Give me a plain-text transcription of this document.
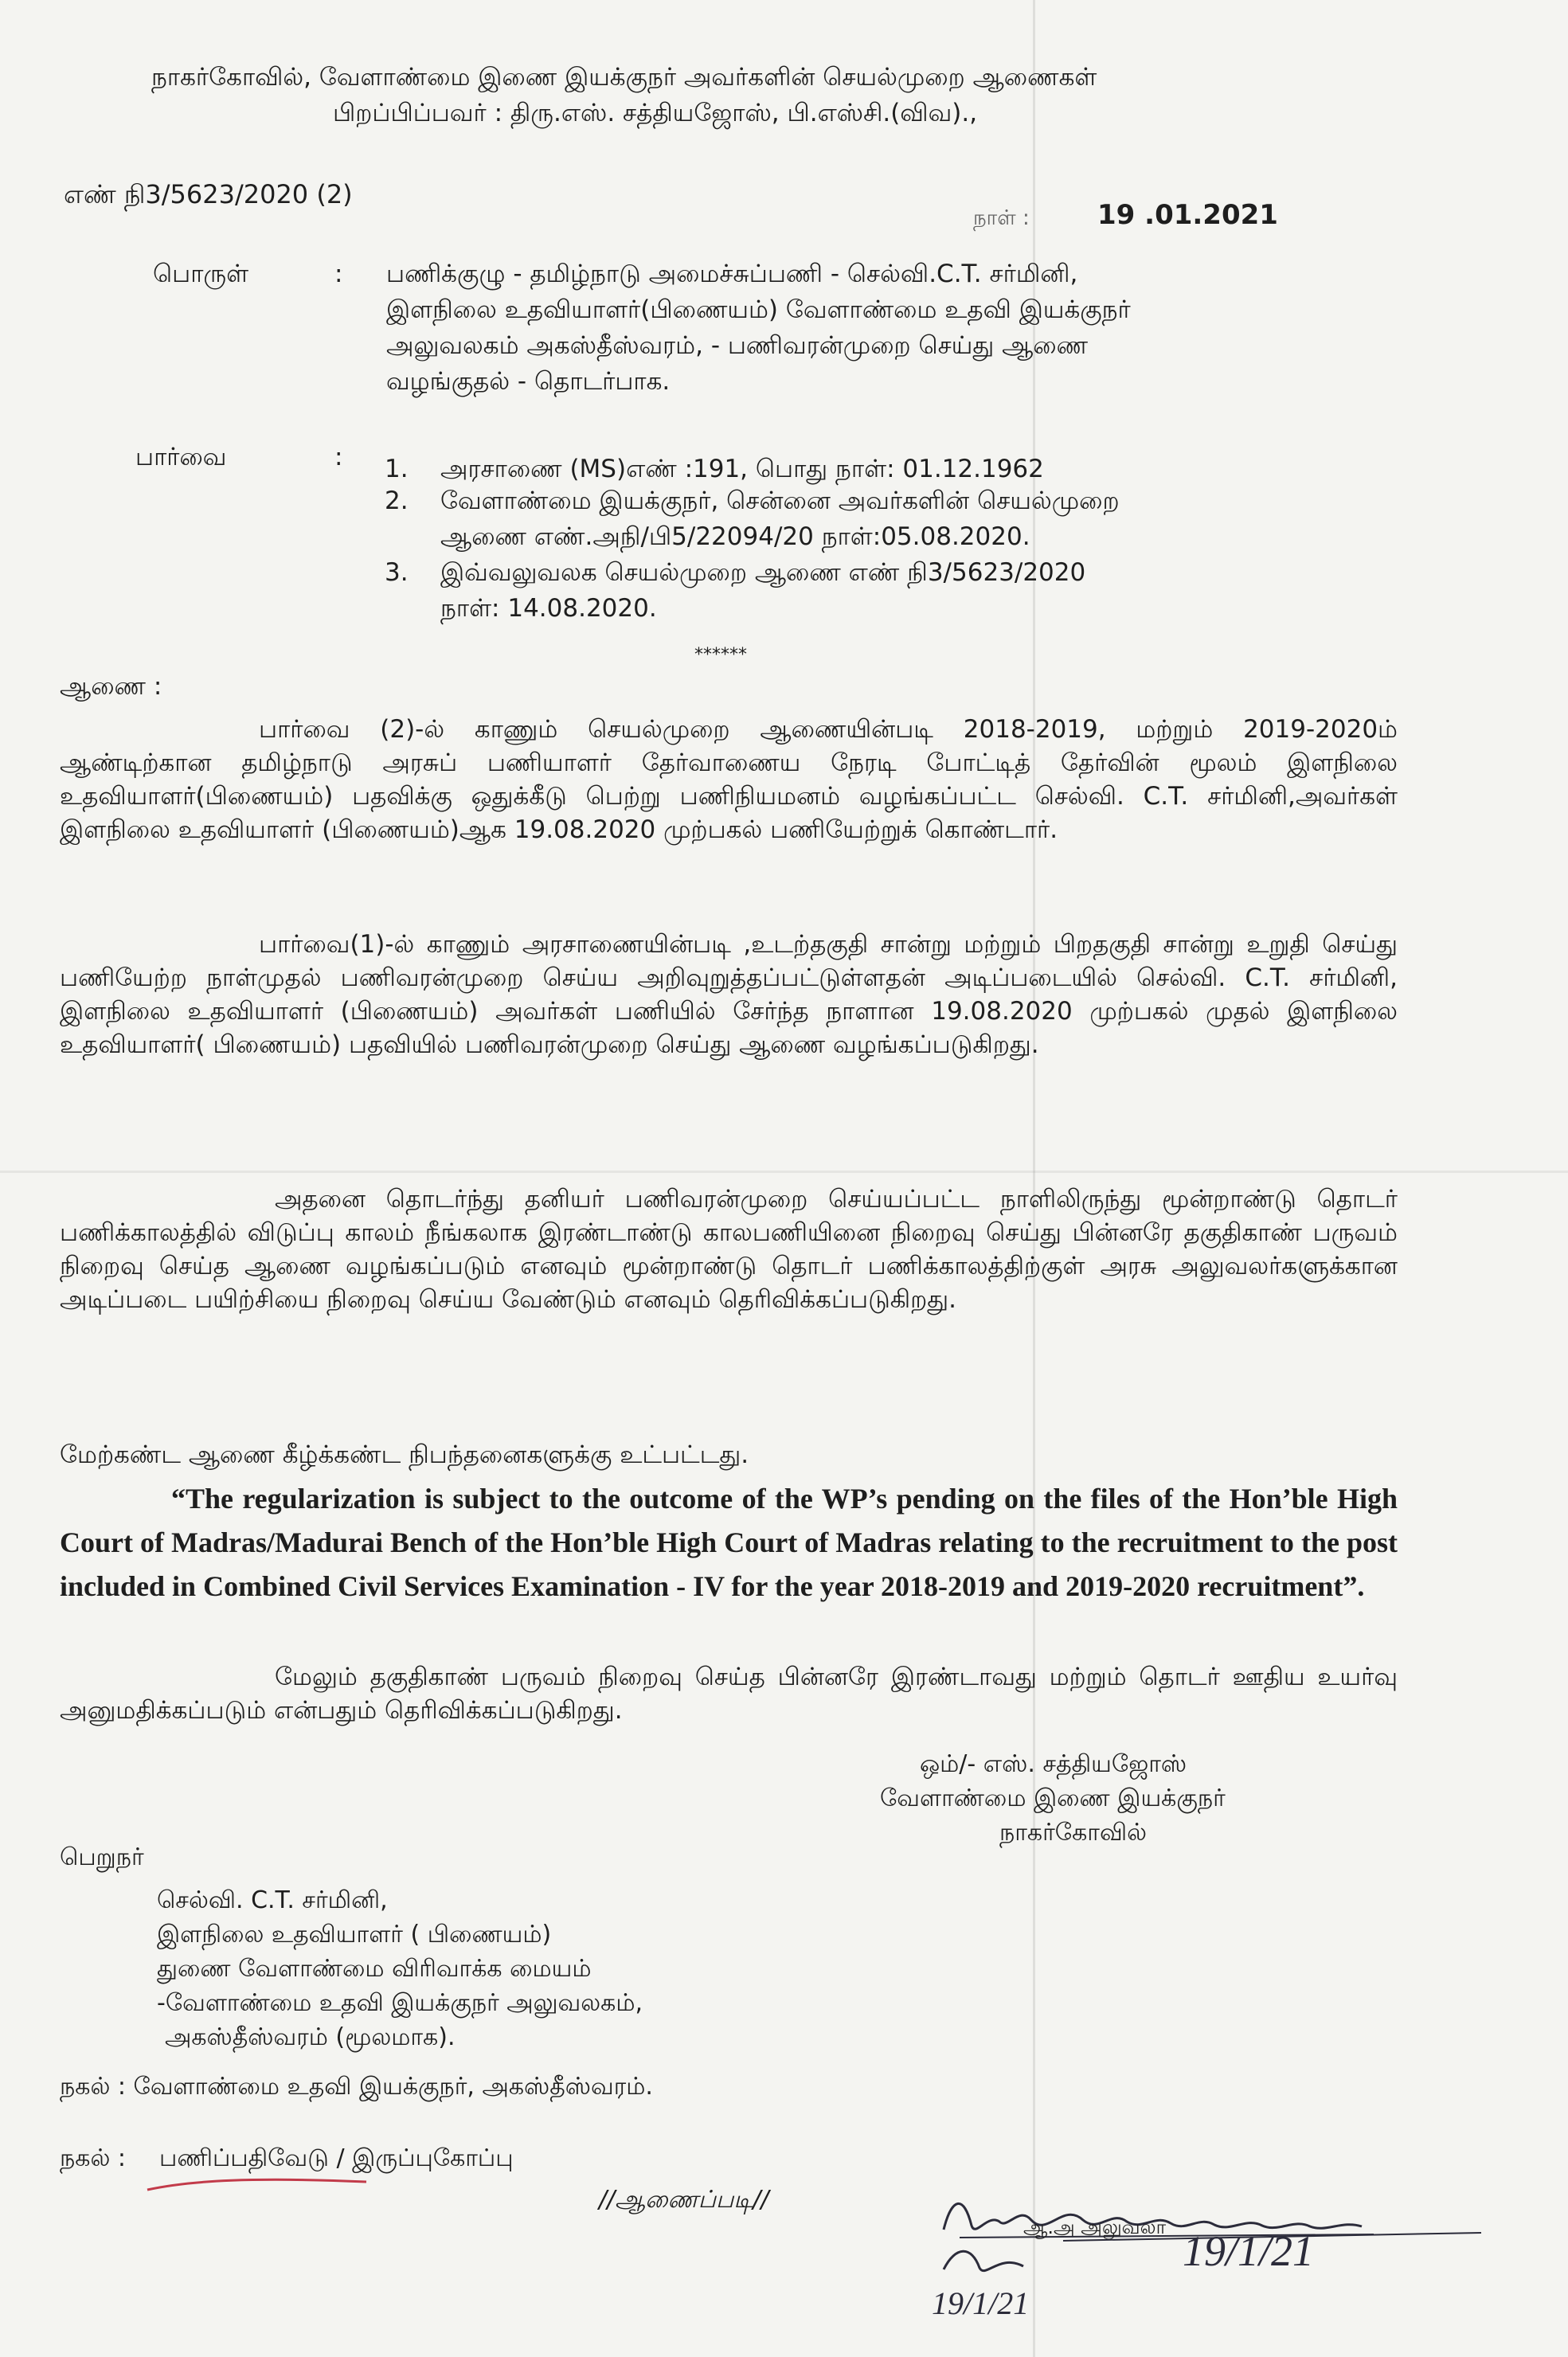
நாகர்கோவில், வேளாண்மை இணை இயக்குநர் அவர்களின் செயல்முறை ஆணைகள்
பிறப்பிப்பவர் : திரு.எஸ். சத்தியஜோஸ், பி.எஸ்சி.(விவ).,
எண் நி3/5623/2020 (2)
நாள் :	19 .01.2021
பொருள்	: பணிக்குழு - தமிழ்நாடு அமைச்சுப்பணி - செல்வி.C.T. சர்மினி,
இளநிலை உதவியாளர்(பிணையம்) வேளாண்மை உதவி இயக்குநர்
அலுவலகம் அகஸ்தீஸ்வரம், - பணிவரன்முறை செய்து ஆணை
வழங்குதல் - தொடர்பாக.
பார்வை	: 1. அரசாணை (MS)எண் :191, பொது நாள்: 01.12.1962
2. வேளாண்மை இயக்குநர், சென்னை அவர்களின் செயல்முறை
ஆணை எண்.அநி/பி5/22094/20 நாள்:05.08.2020.
3. இவ்வலுவலக செயல்முறை ஆணை எண் நி3/5623/2020
நாள்: 14.08.2020.
******
ஆணை :
பார்வை (2)-ல் காணும் செயல்முறை ஆணையின்படி 2018-2019, மற்றும் 2019-2020ம் ஆண்டிற்கான தமிழ்நாடு அரசுப் பணியாளர் தேர்வாணைய நேரடி போட்டித் தேர்வின் மூலம் இளநிலை உதவியாளர்(பிணையம்) பதவிக்கு ஒதுக்கீடு பெற்று பணிநியமனம் வழங்கப்பட்ட செல்வி. C.T. சர்மினி,அவர்கள் இளநிலை உதவியாளர் (பிணையம்)ஆக 19.08.2020 முற்பகல் பணியேற்றுக் கொண்டார்.
பார்வை(1)-ல் காணும் அரசாணையின்படி ,உடற்தகுதி சான்று மற்றும் பிறதகுதி சான்று உறுதி செய்து பணியேற்ற நாள்முதல் பணிவரன்முறை செய்ய அறிவுறுத்தப்பட்டுள்ளதன் அடிப்படையில் செல்வி. C.T. சர்மினி, இளநிலை உதவியாளர் (பிணையம்) அவர்கள் பணியில் சேர்ந்த நாளான 19.08.2020 முற்பகல் முதல் இளநிலை உதவியாளர்( பிணையம்) பதவியில் பணிவரன்முறை செய்து ஆணை வழங்கப்படுகிறது.
அதனை தொடர்ந்து தனியர் பணிவரன்முறை செய்யப்பட்ட நாளிலிருந்து மூன்றாண்டு தொடர் பணிக்காலத்தில் விடுப்பு காலம் நீங்கலாக இரண்டாண்டு காலபணியினை நிறைவு செய்து பின்னரே தகுதிகாண் பருவம் நிறைவு செய்த ஆணை வழங்கப்படும் எனவும் மூன்றாண்டு தொடர் பணிக்காலத்திற்குள் அரசு அலுவலர்களுக்கான அடிப்படை பயிற்சியை நிறைவு செய்ய வேண்டும் எனவும் தெரிவிக்கப்படுகிறது.
மேற்கண்ட ஆணை கீழ்க்கண்ட நிபந்தனைகளுக்கு உட்பட்டது.
“The regularization is subject to the outcome of the WP’s pending on the files of the Hon’ble High Court of Madras/Madurai Bench of the Hon’ble High Court of Madras relating to the recruitment to the post included in Combined Civil Services Examination - IV for the year 2018-2019 and 2019-2020 recruitment”.
மேலும் தகுதிகாண் பருவம் நிறைவு செய்த பின்னரே இரண்டாவது மற்றும் தொடர் ஊதிய உயர்வு அனுமதிக்கப்படும் என்பதும் தெரிவிக்கப்படுகிறது.
ஒம்/- எஸ். சத்தியஜோஸ்
வேளாண்மை இணை இயக்குநர்
நாகர்கோவில்
பெறுநர்
செல்வி. C.T. சர்மினி,
இளநிலை உதவியாளர் ( பிணையம்)
துணை வேளாண்மை விரிவாக்க மையம்
-வேளாண்மை உதவி இயக்குநர் அலுவலகம்,
அகஸ்தீஸ்வரம் (மூலமாக).
நகல் : வேளாண்மை உதவி இயக்குநர், அகஸ்தீஸ்வரம்.
நகல் : பணிப்பதிவேடு / இருப்புகோப்பு
//ஆணைப்படி//
ஆ.அ அலுவலா 19/1/21
19/1/21
